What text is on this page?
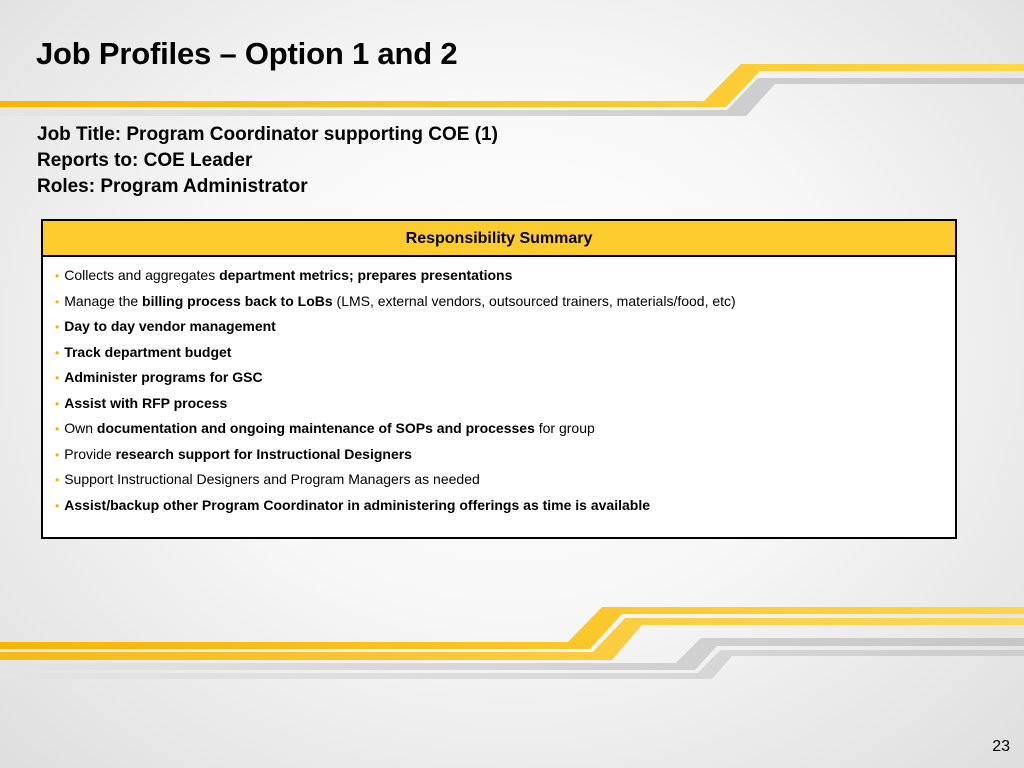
Job Profiles – Option 1 and 2
Job Title: Program Coordinator supporting COE (1)
Reports to: COE Leader
Roles: Program Administrator
Responsibility Summary
• Collects and aggregates department metrics; prepares presentations
• Manage the billing process back to LoBs (LMS, external vendors, outsourced trainers, materials/food, etc)
• Day to day vendor management
• Track department budget
• Administer programs for GSC
• Assist with RFP process
• Own documentation and ongoing maintenance of SOPs and processes for group
• Provide research support for Instructional Designers
• Support Instructional Designers and Program Managers as needed
• Assist/backup other Program Coordinator in administering offerings as time is available
23
